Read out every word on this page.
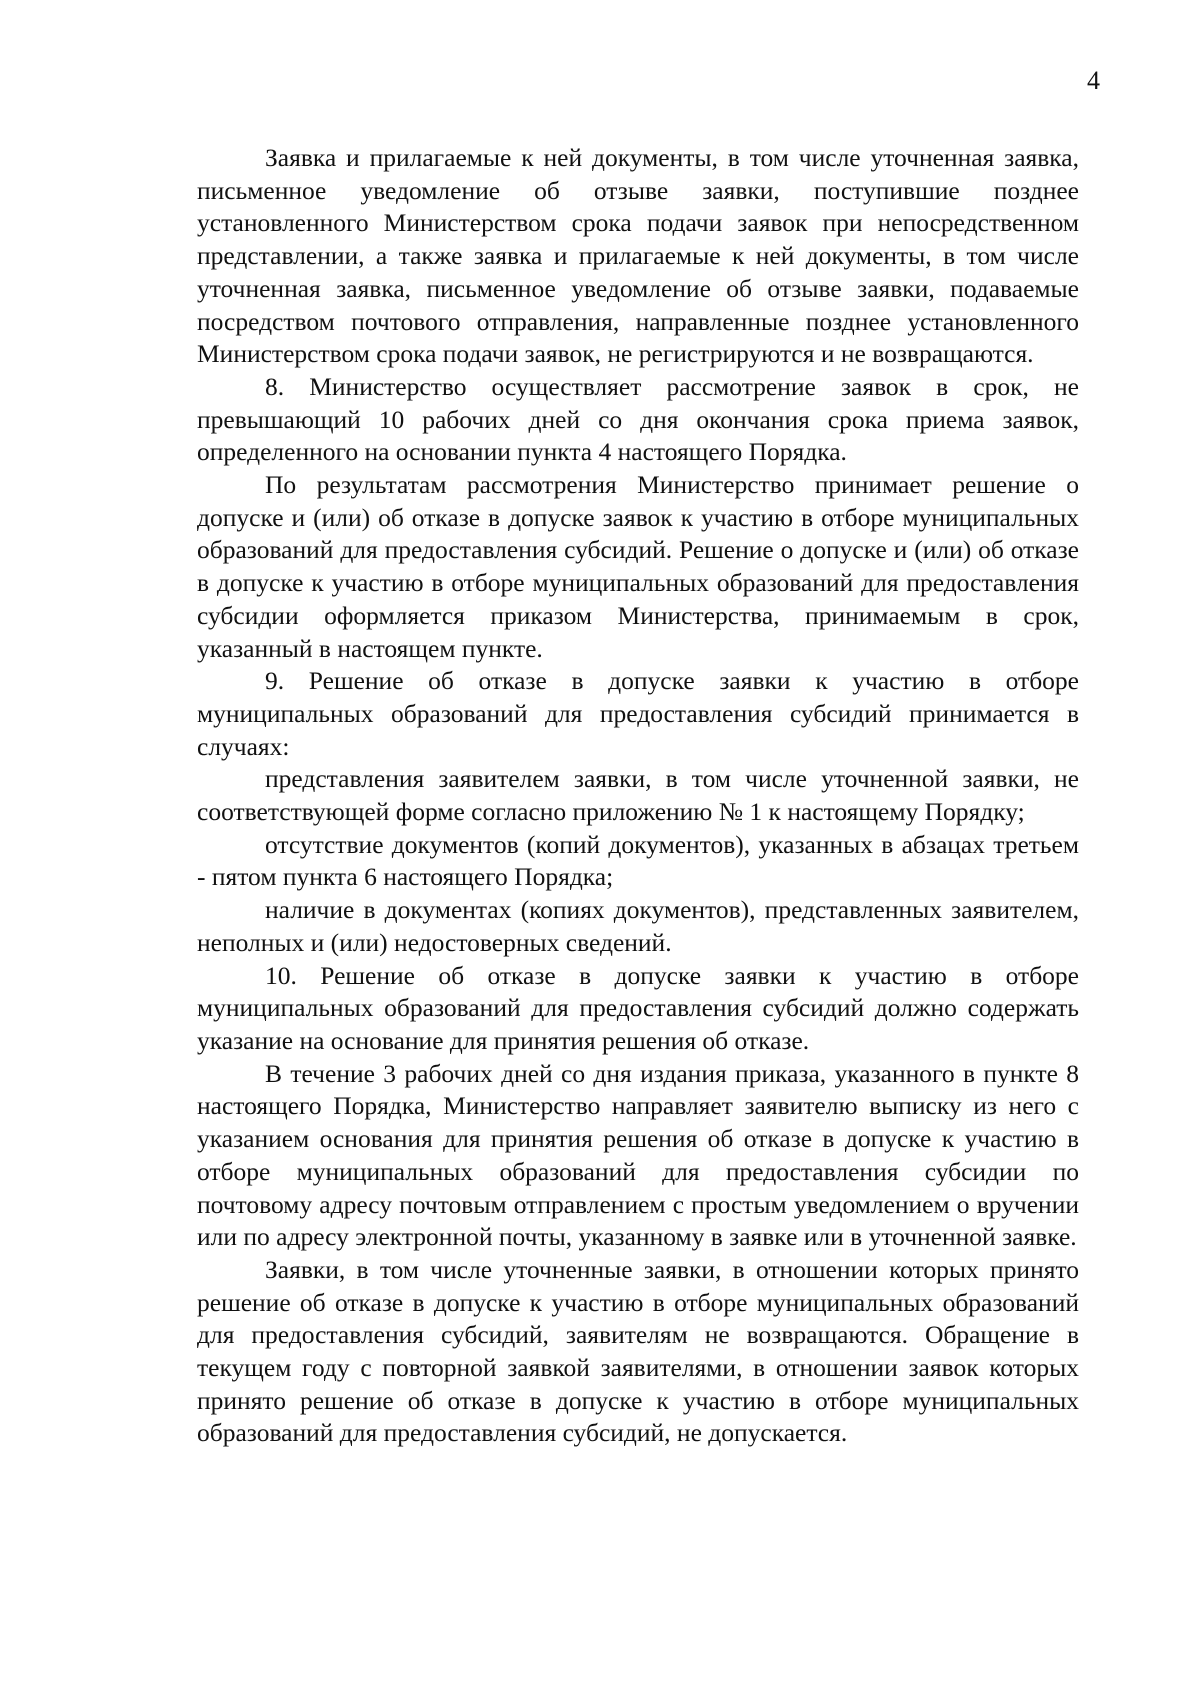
4

Заявка и прилагаемые к ней документы, в том числе уточненная заявка, письменное уведомление об отзыве заявки, поступившие позднее установленного Министерством срока подачи заявок при непосредственном представлении, а также заявка и прилагаемые к ней документы, в том числе уточненная заявка, письменное уведомление об отзыве заявки, подаваемые посредством почтового отправления, направленные позднее установленного Министерством срока подачи заявок, не регистрируются и не возвращаются.

8. Министерство осуществляет рассмотрение заявок в срок, не превышающий 10 рабочих дней со дня окончания срока приема заявок, определенного на основании пункта 4 настоящего Порядка.

По результатам рассмотрения Министерство принимает решение о допуске и (или) об отказе в допуске заявок к участию в отборе муниципальных образований для предоставления субсидий. Решение о допуске и (или) об отказе в допуске к участию в отборе муниципальных образований для предоставления субсидии оформляется приказом Министерства, принимаемым в срок, указанный в настоящем пункте.

9. Решение об отказе в допуске заявки к участию в отборе муниципальных образований для предоставления субсидий принимается в случаях:

представления заявителем заявки, в том числе уточненной заявки, не соответствующей форме согласно приложению № 1 к настоящему Порядку;

отсутствие документов (копий документов), указанных в абзацах третьем - пятом пункта 6 настоящего Порядка;

наличие в документах (копиях документов), представленных заявителем, неполных и (или) недостоверных сведений.

10. Решение об отказе в допуске заявки к участию в отборе муниципальных образований для предоставления субсидий должно содержать указание на основание для принятия решения об отказе.

В течение 3 рабочих дней со дня издания приказа, указанного в пункте 8 настоящего Порядка, Министерство направляет заявителю выписку из него с указанием основания для принятия решения об отказе в допуске к участию в отборе муниципальных образований для предоставления субсидии по почтовому адресу почтовым отправлением с простым уведомлением о вручении или по адресу электронной почты, указанному в заявке или в уточненной заявке.

Заявки, в том числе уточненные заявки, в отношении которых принято решение об отказе в допуске к участию в отборе муниципальных образований для предоставления субсидий, заявителям не возвращаются. Обращение в текущем году с повторной заявкой заявителями, в отношении заявок которых принято решение об отказе в допуске к участию в отборе муниципальных образований для предоставления субсидий, не допускается.
